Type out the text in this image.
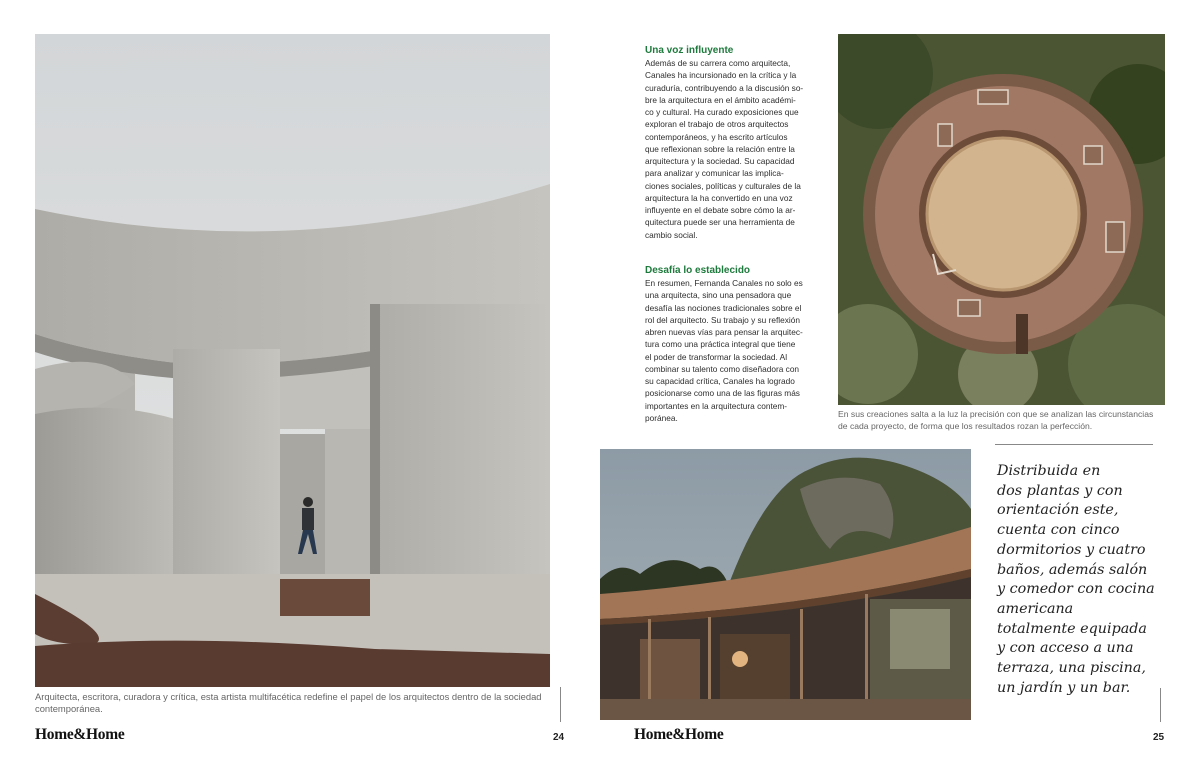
Arquitecta, escritora, curadora y crítica, esta artista multifacética redefine el papel de los arquitectos dentro de la sociedad
contemporánea.
Home&Home	24
Una voz influyente

Además de su carrera como arquitecta,
Canales ha incursionado en la crítica y la
curaduría, contribuyendo a la discusión so-
bre la arquitectura en el ámbito académi-
co y cultural. Ha curado exposiciones que
exploran el trabajo de otros arquitectos
contemporáneos, y ha escrito artículos
que reflexionan sobre la relación entre la
arquitectura y la sociedad. Su capacidad
para analizar y comunicar las implica-
ciones sociales, políticas y culturales de la
arquitectura la ha convertido en una voz
influyente en el debate sobre cómo la ar-
quitectura puede ser una herramienta de
cambio social.

Desafía lo establecido

En resumen, Fernanda Canales no solo es
una arquitecta, sino una pensadora que
desafía las nociones tradicionales sobre el
rol del arquitecto. Su trabajo y su reflexión
abren nuevas vías para pensar la arquitec-
tura como una práctica integral que tiene
el poder de transformar la sociedad. Al
combinar su talento como diseñadora con
su capacidad crítica, Canales ha logrado
posicionarse como una de las figuras más
importantes en la arquitectura contem-
poránea.	En sus creaciones salta a la luz la precisión con que se analizan las circunstancias
de cada proyecto, de forma que los resultados rozan la perfección.
Distribuida en
dos plantas y con
orientación este,
cuenta con cinco
dormitorios y cuatro
baños, además salón
y comedor con cocina
americana
totalmente equipada
y con acceso a una
terraza, una piscina,
un jardín y un bar.
Home&Home	25
